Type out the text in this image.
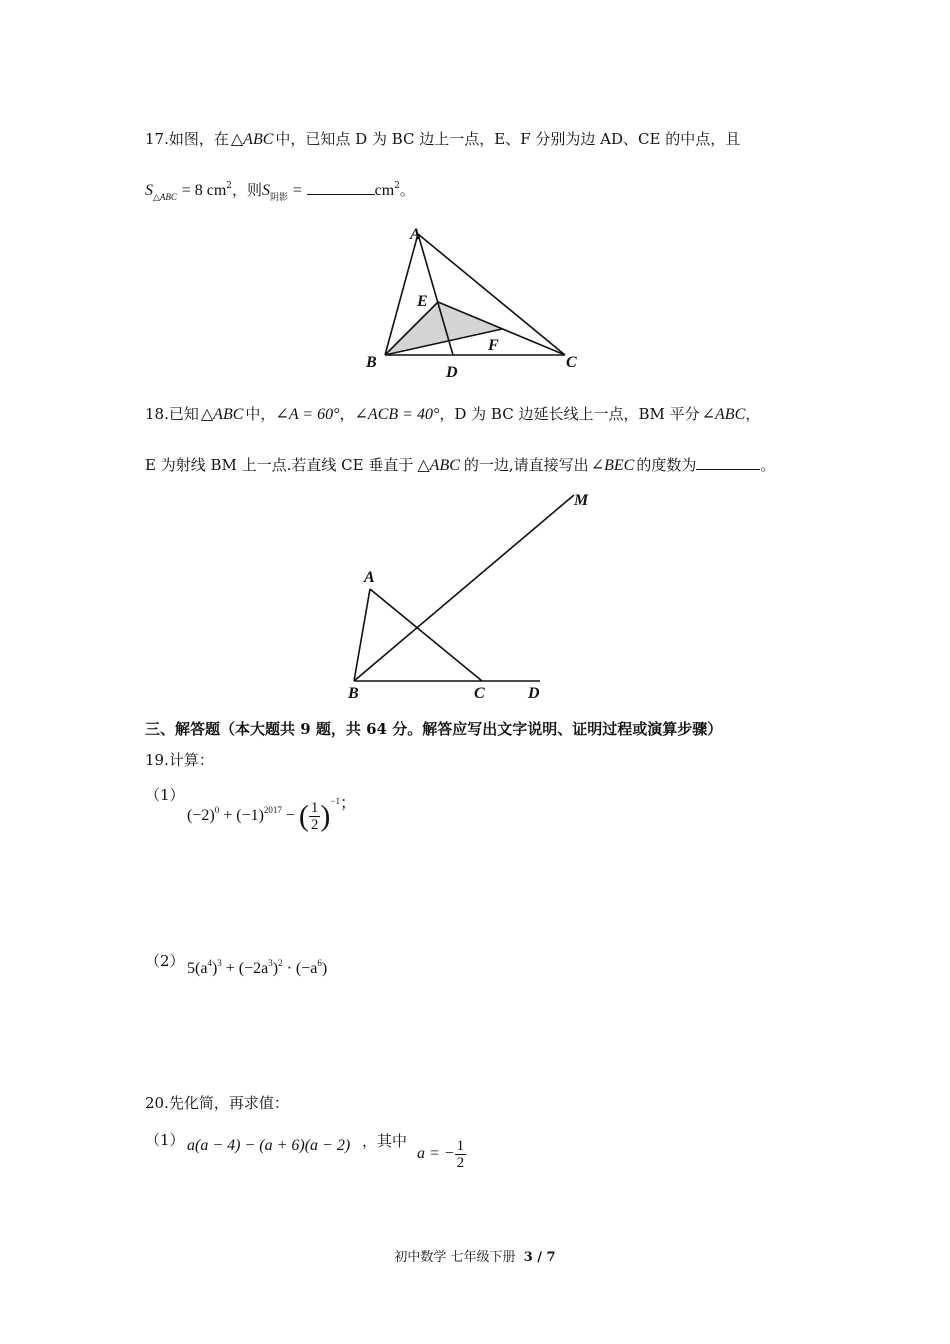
17.如图，在 △ABC 中，已知点 D 为 BC 边上一点，E、F 分别为边 AD、CE 的中点，且
$S_{\triangle ABC} = 8$ $cm^2$，则$S_{阴影}$ =	$cm^2$。
A
E
F
B
D
C
18.已知 △ABC 中，∠A = 60°，∠ACB = 40°，D 为 BC 边延长线上一点，BM 平分 ∠ABC，
E 为射线 BM 上一点.若直线 CE 垂直于 △ABC 的一边,请直接写出 ∠BEC 的度数为	。
M
A
B	C	D
三、解答题（本大题共 9 题，共 64 分。解答应写出文字说明、证明过程或演算步骤）
19.计算：
（1）
$(-2)^0 + (-1)^{2017}$ − ( $\frac{1}{2} )^{-1}$；
（2） $5(a^4)^3 + (-2a^3)^2 \cdot (-a^6)$
20.先化简，再求值：
（1） a(a − 4) − (a + 6)(a − 2) ，其中
a = − $\frac{1}{2}$
初中数学 七年级下册 3 / 7
